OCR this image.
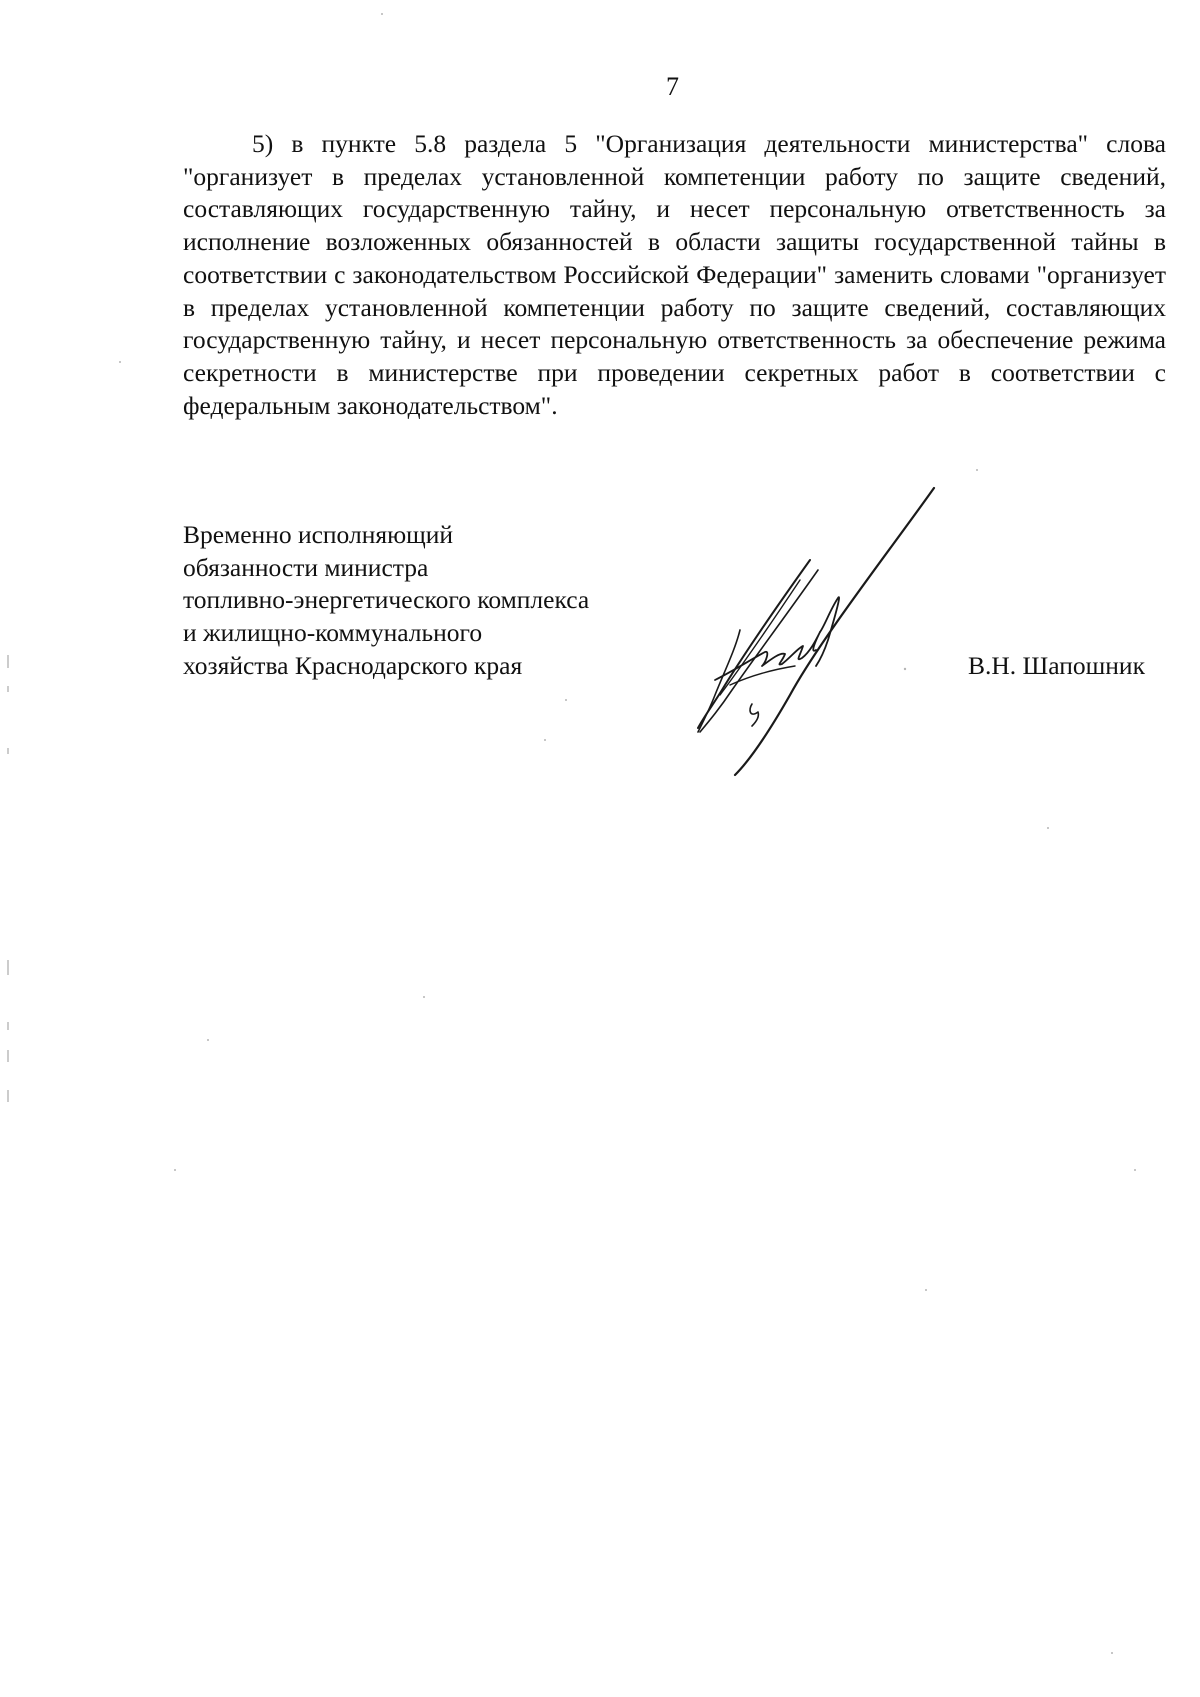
7

5) в пункте 5.8 раздела 5 "Организация деятельности министерства" слова "организует в пределах установленной компетенции работу по защите сведений, составляющих государственную тайну, и несет персональную ответственность за исполнение возложенных обязанностей в области защиты государственной тайны в соответствии с законодательством Российской Федерации" заменить словами "организует в пределах установленной компетенции работу по защите сведений, составляющих государственную тайну, и несет персональную ответственность за обеспечение режима секретности в министерстве при проведении секретных работ в соответствии с федеральным законодательством".

Временно исполняющий
обязанности министра
топливно-энергетического комплекса
и жилищно-коммунального
хозяйства Краснодарского края	В.Н. Шапошник
